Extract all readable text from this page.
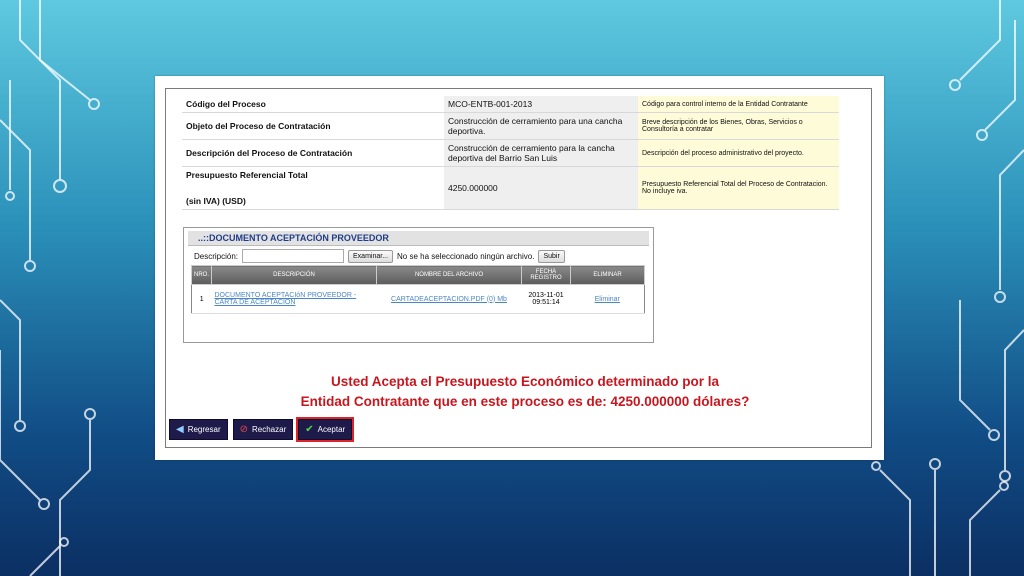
Código del Proceso	MCO-ENTB-001-2013	Código para control interno de la Entidad Contratante
Objeto del Proceso de Contratación	Construcción de cerramiento para una cancha deportiva.	Breve descripción de los Bienes, Obras, Servicios o Consultoría a contratar
Descripción del Proceso de Contratación	Construcción de cerramiento para la cancha deportiva del Barrio San Luis	Descripción del proceso administrativo del proyecto.
Presupuesto Referencial Total
(sin IVA) (USD)	4250.000000	Presupuesto Referencial Total del Proceso de Contratacion. No incluye iva.
..::DOCUMENTO ACEPTACIÓN PROVEEDOR
Descripción:	Examinar...	No se ha seleccionado ningún archivo.	Subir
NRO.	DESCRIPCIÓN	NOMBRE DEL ARCHIVO	FECHA REGISTRO	ELIMINAR
1	DOCUMENTO ACEPTACIóN PROVEEDOR - CARTA DE ACEPTACION	CARTADEACEPTACION.PDF (0) Mb	2013-11-01 09:51:14	Eliminar
Usted Acepta el Presupuesto Económico determinado por la
Entidad Contratante que en este proceso es de: 4250.000000 dólares?
◀ Regresar ⊘ Rechazar ✔ Aceptar
